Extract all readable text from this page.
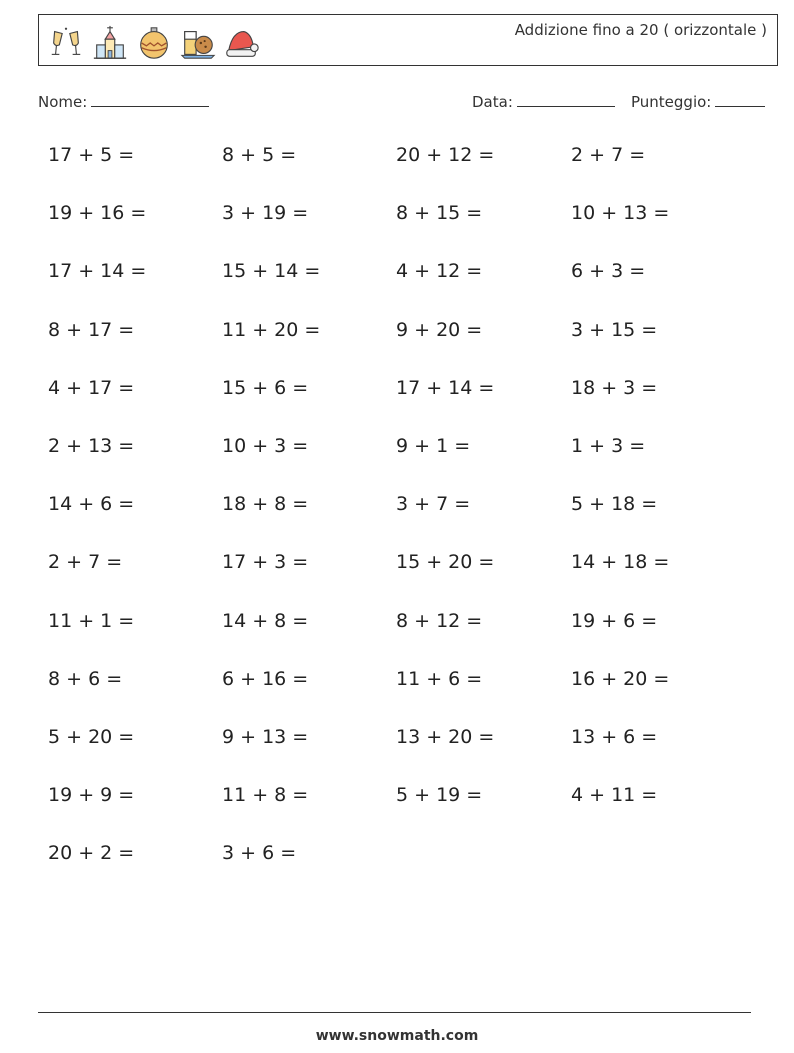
Addizione fino a 20 ( orizzontale )
Nome:	Data:	Punteggio:
17 + 5 =	8 + 5 =	20 + 12 =	2 + 7 =
19 + 16 =	3 + 19 =	8 + 15 =	10 + 13 =
17 + 14 =	15 + 14 =	4 + 12 =	6 + 3 =
8 + 17 =	11 + 20 =	9 + 20 =	3 + 15 =
4 + 17 =	15 + 6 =	17 + 14 =	18 + 3 =
2 + 13 =	10 + 3 =	9 + 1 =	1 + 3 =
14 + 6 =	18 + 8 =	3 + 7 =	5 + 18 =
2 + 7 =	17 + 3 =	15 + 20 =	14 + 18 =
11 + 1 =	14 + 8 =	8 + 12 =	19 + 6 =
8 + 6 =	6 + 16 =	11 + 6 =	16 + 20 =
5 + 20 =	9 + 13 =	13 + 20 =	13 + 6 =
19 + 9 =	11 + 8 =	5 + 19 =	4 + 11 =
20 + 2 =	3 + 6 =
www.snowmath.com
